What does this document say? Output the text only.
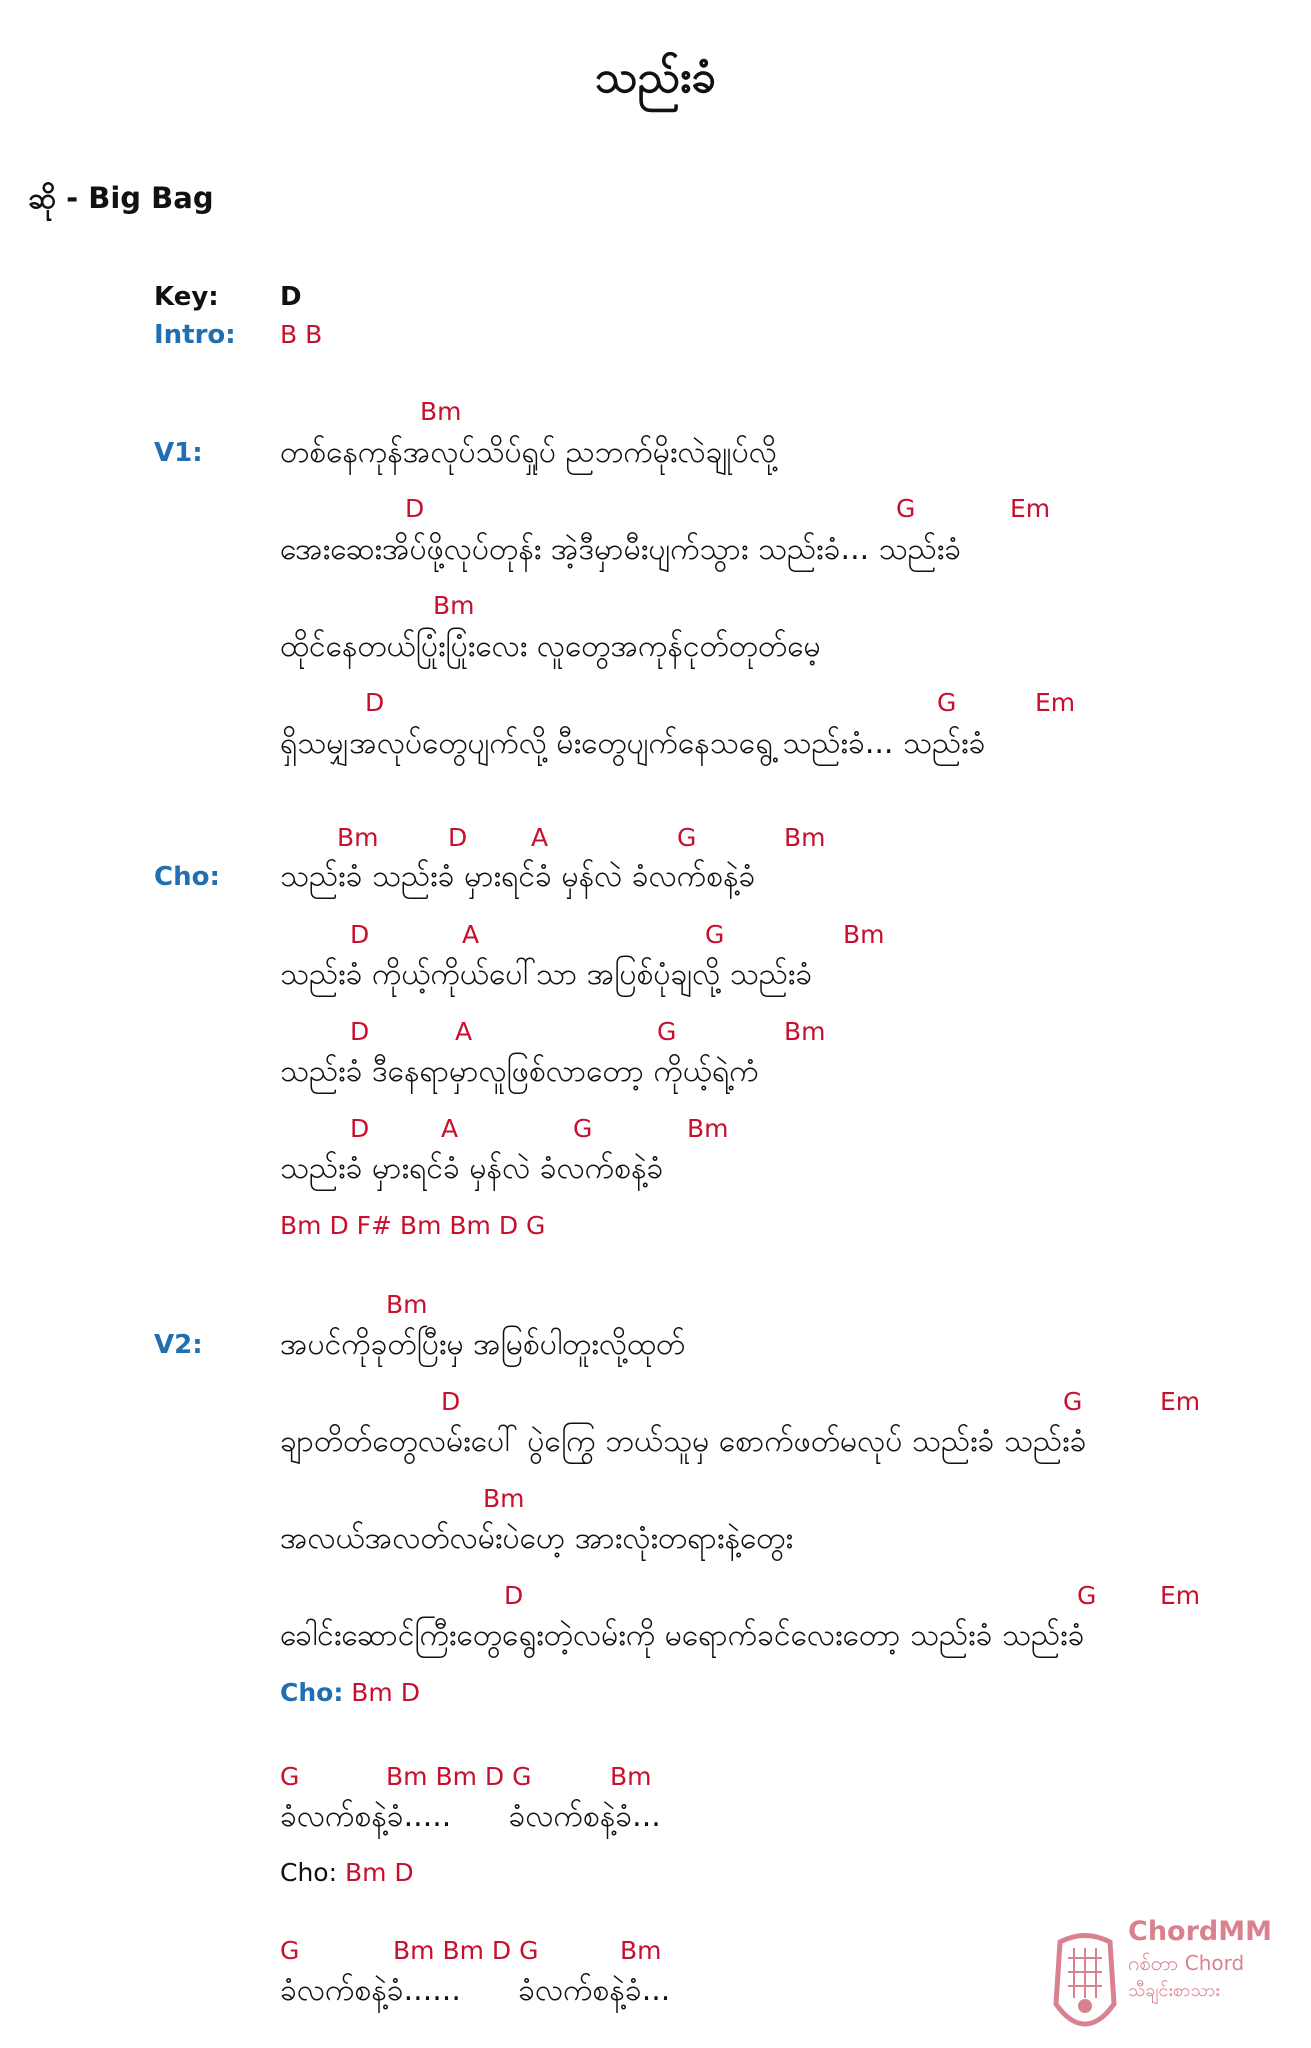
သည်းခံ
ဆို - Big Bag
Key: D
Intro: B B
V1:
Bm
တစ်နေကုန်အလုပ်သိပ်ရှုပ် ညဘက်မိုးလဲချုပ်လို့
D	G	Em
အေးဆေးအိပ်ဖို့လုပ်တုန်း အဲ့ဒီမှာမီးပျက်သွား သည်းခံ... သည်းခံ
Bm
ထိုင်နေတယ်ပြုံးပြုံးလေး လူတွေအကုန်ငုတ်တုတ်မေ့
D	G	Em
ရှိသမျှအလုပ်တွေပျက်လို့ မီးတွေပျက်နေသရွေ့ သည်းခံ... သည်းခံ
Cho:
Bm	D	A	G	Bm
သည်းခံ သည်းခံ မှားရင်ခံ မှန်လဲ ခံလက်စနဲ့ခံ
D	A	G	Bm
သည်းခံ ကိုယ့်ကိုယ်ပေါ်သာ အပြစ်ပုံချလို့ သည်းခံ
D	A	G	Bm
သည်းခံ ဒီနေရာမှာလူဖြစ်လာတော့ ကိုယ့်ရဲ့ကံ
D	A	G	Bm
သည်းခံ မှားရင်ခံ မှန်လဲ ခံလက်စနဲ့ခံ
Bm D F# Bm Bm D G
V2:
Bm
အပင်ကိုခုတ်ပြီးမှ အမြစ်ပါတူးလို့ထုတ်
D	G	Em
ချာတိတ်တွေလမ်းပေါ် ပွဲကြွေ ဘယ်သူမှ စောက်ဖတ်မလုပ် သည်းခံ သည်းခံ
Bm
အလယ်အလတ်လမ်းပဲဟေ့ အားလုံးတရားနဲ့တွေး
D	G	Em
ခေါင်းဆောင်ကြီးတွေရွေးတဲ့လမ်းကို မရောက်ခင်လေးတော့ သည်းခံ သည်းခံ
Cho: Bm D
G	Bm Bm D G	Bm
ခံလက်စနဲ့ခံ.....      ခံလက်စနဲ့ခံ...
Cho: Bm D
G	Bm Bm D G	Bm
ခံလက်စနဲ့ခံ......      ခံလက်စနဲ့ခံ...

ChordMM
ဂစ်တာ Chord
သီချင်းစာသား
